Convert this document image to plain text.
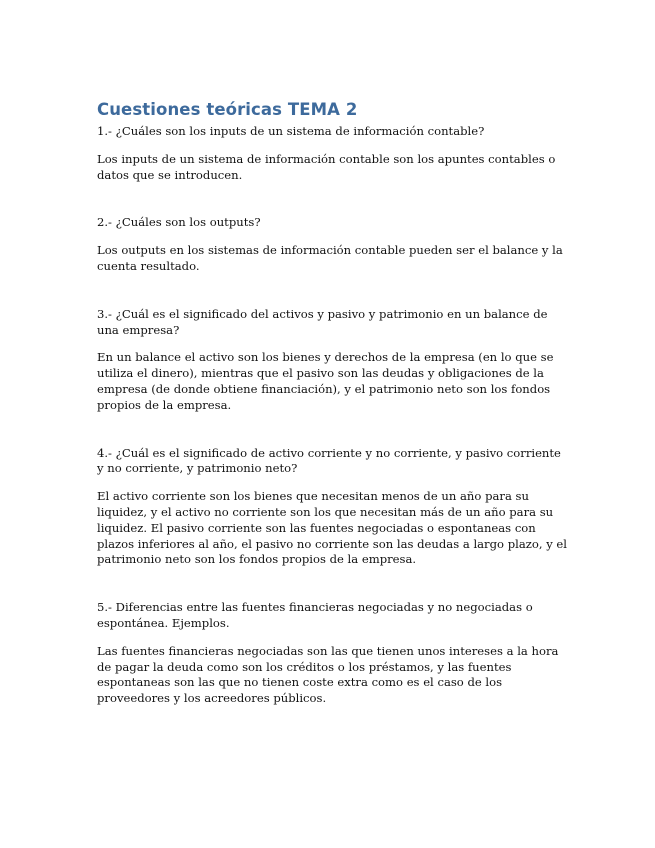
Cuestiones teóricas TEMA 2

1.- ¿Cuáles son los inputs de un sistema de información contable?

Los inputs de un sistema de información contable son los apuntes contables o datos que se introducen.

2.- ¿Cuáles son los outputs?

Los outputs en los sistemas de información contable pueden ser el balance y la cuenta resultado.

3.- ¿Cuál es el significado del activos y pasivo y patrimonio en un balance de una empresa?

En un balance el activo son los bienes y derechos de la empresa (en lo que se utiliza el dinero), mientras que el pasivo son las deudas y obligaciones de la empresa (de donde obtiene financiación), y el patrimonio neto son los fondos propios de la empresa.

4.- ¿Cuál es el significado de activo corriente y no corriente, y pasivo corriente y no corriente, y patrimonio neto?

El activo corriente son los bienes que necesitan menos de un año para su liquidez, y el activo no corriente son los que necesitan más de un año para su liquidez. El pasivo corriente son las fuentes negociadas o espontaneas con plazos inferiores al año, el pasivo no corriente son las deudas a largo plazo, y el patrimonio neto son los fondos propios de la empresa.

5.- Diferencias entre las fuentes financieras negociadas y no negociadas o espontánea. Ejemplos.

Las fuentes financieras negociadas son las que tienen unos intereses a la hora de pagar la deuda como son los créditos o los préstamos, y las fuentes espontaneas son las que no tienen coste extra como es el caso de los proveedores y los acreedores públicos.
